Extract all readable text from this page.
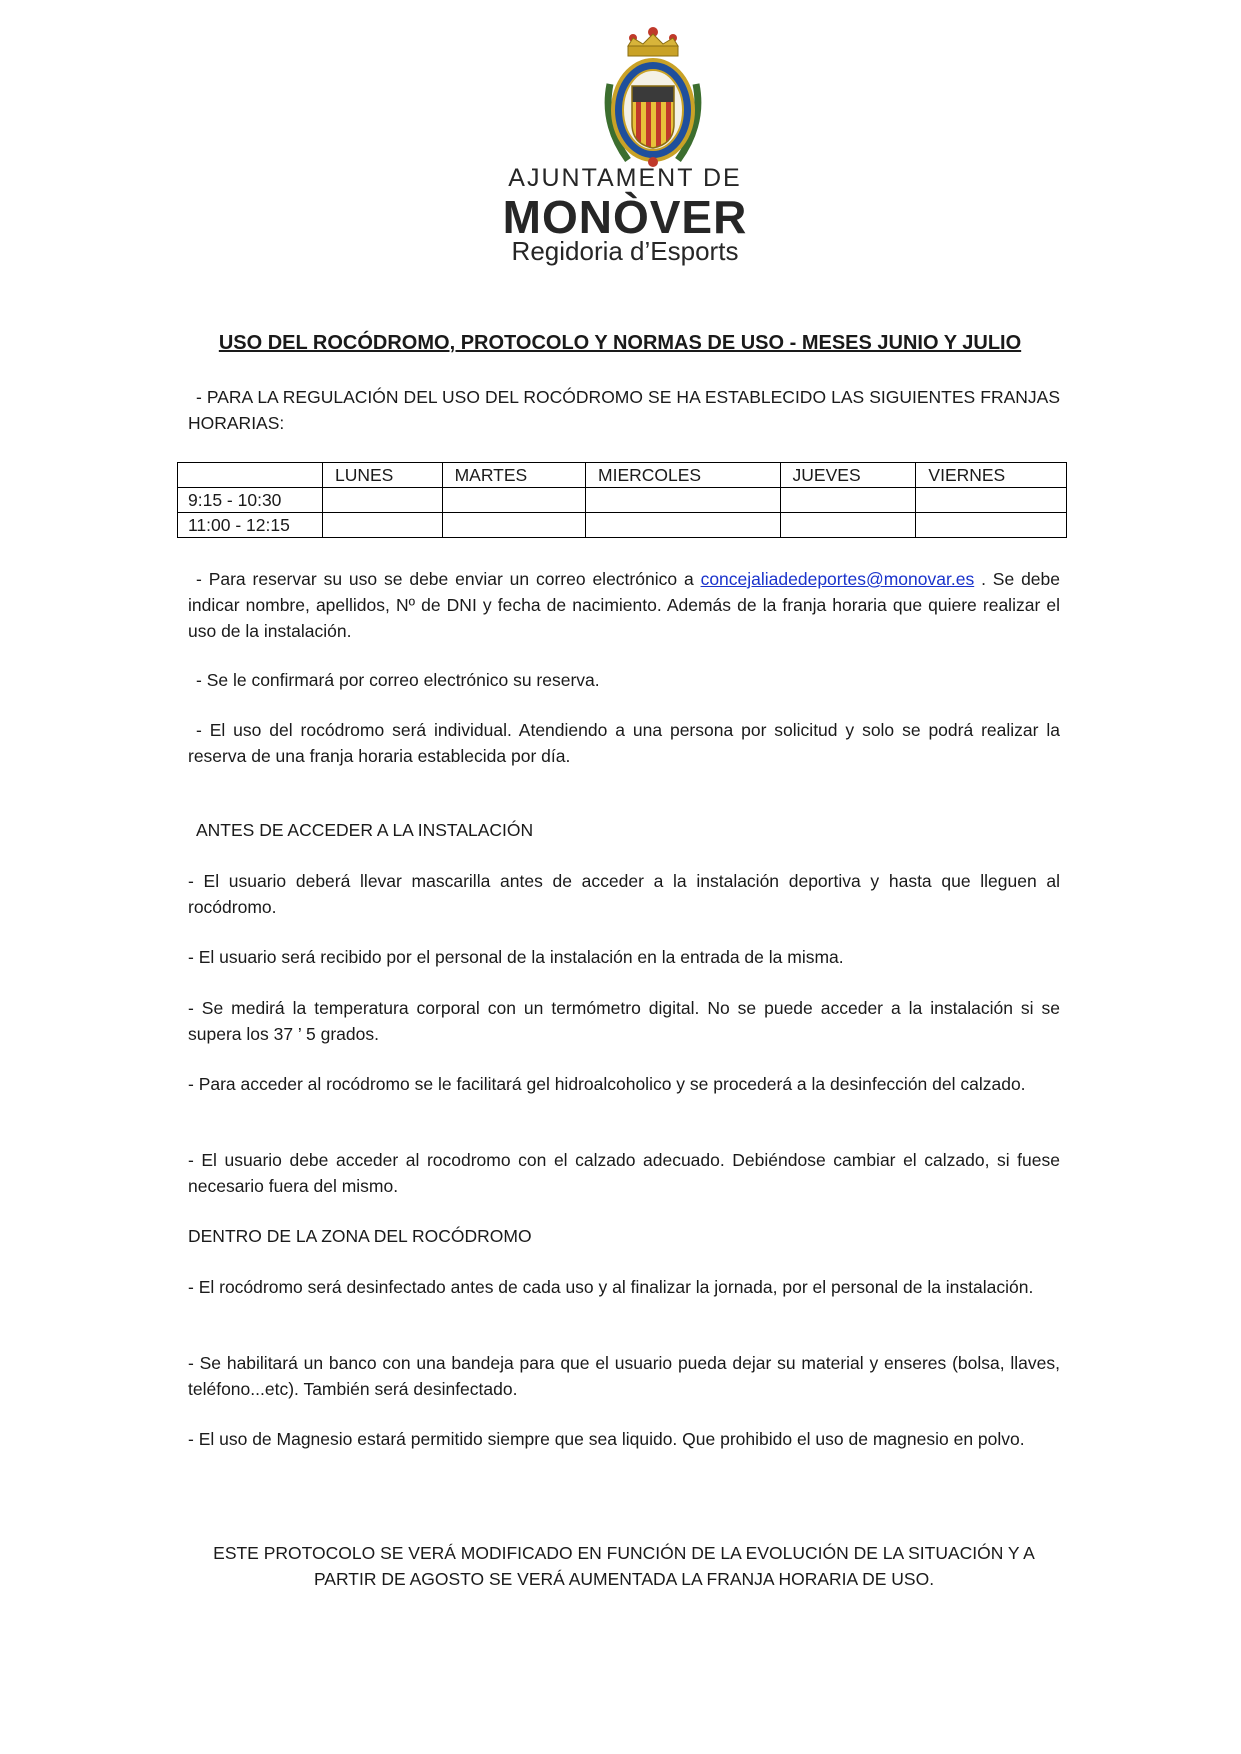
AJUNTAMENT DE
MONÒVER
Regidoria d’Esports
USO DEL ROCÓDROMO, PROTOCOLO Y NORMAS DE USO - MESES JUNIO Y JULIO

- PARA LA REGULACIÓN DEL USO DEL ROCÓDROMO SE HA ESTABLECIDO LAS SIGUIENTES FRANJAS HORARIAS:

	LUNES	MARTES	MIERCOLES	JUEVES	VIERNES
9:15 - 10:30					
11:00 - 12:15					

- Para reservar su uso se debe enviar un correo electrónico a concejaliadedeportes@monovar.es . Se debe indicar nombre, apellidos, Nº de DNI y fecha de nacimiento. Además de la franja horaria que quiere realizar el uso de la instalación.

- Se le confirmará por correo electrónico su reserva.

- El uso del rocódromo será individual. Atendiendo a una persona por solicitud y solo se podrá realizar la reserva de una franja horaria establecida por día.

ANTES DE ACCEDER A LA INSTALACIÓN

- El usuario deberá llevar mascarilla antes de acceder a la instalación deportiva y hasta que lleguen al rocódromo.

- El usuario será recibido por el personal de la instalación en la entrada de la misma.

- Se medirá la temperatura corporal con un termómetro digital. No se puede acceder a la instalación si se supera los 37 ’ 5 grados.

- Para acceder al rocódromo se le facilitará gel hidroalcoholico y se procederá a la desinfección del calzado.

- El usuario debe acceder al rocodromo con el calzado adecuado. Debiéndose cambiar el calzado, si fuese necesario fuera del mismo.

DENTRO DE LA ZONA DEL ROCÓDROMO

- El rocódromo será desinfectado antes de cada uso y al finalizar la jornada, por el personal de la instalación.

- Se habilitará un banco con una bandeja para que el usuario pueda dejar su material y enseres (bolsa, llaves, teléfono...etc). También será desinfectado.

- El uso de Magnesio estará permitido siempre que sea liquido. Que prohibido el uso de magnesio en polvo.

ESTE PROTOCOLO SE VERÁ MODIFICADO EN FUNCIÓN DE LA EVOLUCIÓN DE LA SITUACIÓN Y A
PARTIR DE AGOSTO SE VERÁ AUMENTADA LA FRANJA HORARIA DE USO.
